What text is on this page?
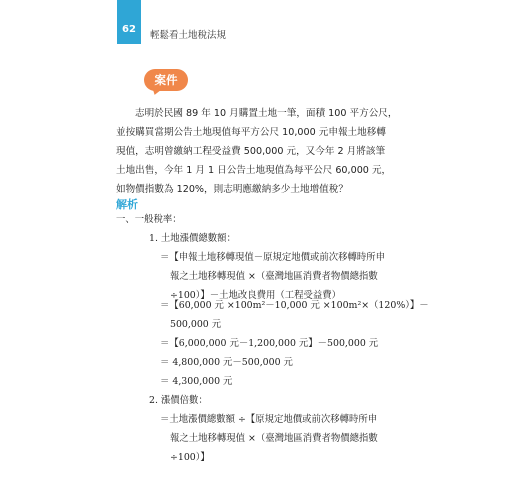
62
輕鬆看土地稅法規
案件
志明於民國 89 年 10 月購置土地一筆，面積 100 平方公尺，
並按購買當期公告土地現值每平方公尺 10,000 元申報土地移轉
現值，志明曾繳納工程受益費 500,000 元，又今年 2 月將該筆
土地出售，今年 1 月 1 日公告土地現值為每平公尺 60,000 元，
如物價指數為 120%，則志明應繳納多少土地增值稅？
解析
一、一般稅率：
1. 土地漲價總數額：
＝【申報土地移轉現值－原規定地價或前次移轉時所申
報之土地移轉現值 ×（臺灣地區消費者物價總指數
÷100）】－土地改良費用（工程受益費）
＝【60,000 元 ×100m²－10,000 元 ×100m²×（120%）】－
500,000 元
＝【6,000,000 元－1,200,000 元】－500,000 元
＝ 4,800,000 元－500,000 元
＝ 4,300,000 元
2. 漲價倍數：
＝土地漲價總數額 ÷【原規定地價或前次移轉時所申
報之土地移轉現值 ×（臺灣地區消費者物價總指數
÷100）】
